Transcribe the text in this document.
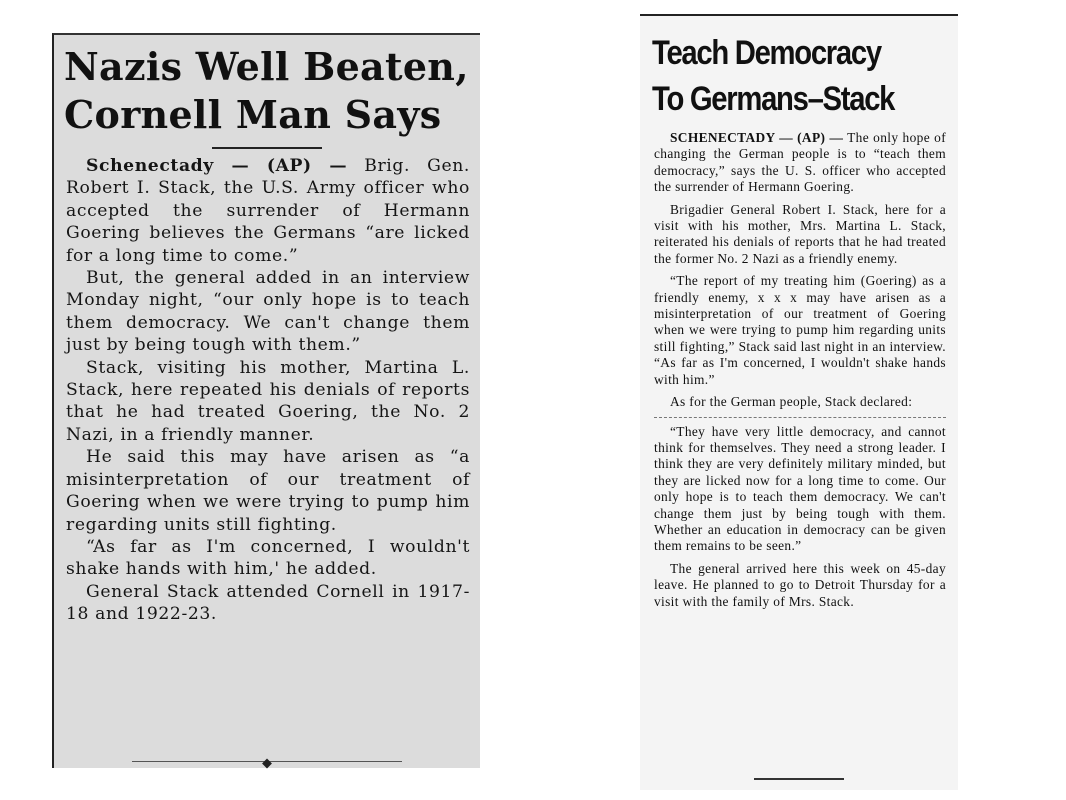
Nazis Well Beaten,
Cornell Man Says

Schenectady — (AP) — Brig. Gen. Robert I. Stack, the U.S. Army officer who accepted the surrender of Hermann Goering believes the Germans “are licked for a long time to come.”

But, the general added in an interview Monday night, “our only hope is to teach them democracy. We can't change them just by being tough with them.”

Stack, visiting his mother, Martina L. Stack, here repeated his denials of reports that he had treated Goering, the No. 2 Nazi, in a friendly manner.

He said this may have arisen as “a misinterpretation of our treatment of Goering when we were trying to pump him regarding units still fighting.

“As far as I'm concerned, I wouldn't shake hands with him,' he added.

General Stack attended Cornell in 1917-18 and 1922-23.

Teach Democracy
To Germans–Stack

SCHENECTADY — (AP) — The only hope of changing the German people is to “teach them democracy,” says the U. S. officer who accepted the surrender of Hermann Goering.

Brigadier General Robert I. Stack, here for a visit with his mother, Mrs. Martina L. Stack, reiterated his denials of reports that he had treated the former No. 2 Nazi as a friendly enemy.

“The report of my treating him (Goering) as a friendly enemy, x x x may have arisen as a misinterpretation of our treatment of Goering when we were trying to pump him regarding units still fighting,” Stack said last night in an interview. “As far as I'm concerned, I wouldn't shake hands with him.”

As for the German people, Stack declared:

“They have very little democracy, and cannot think for themselves. They need a strong leader. I think they are very definitely military minded, but they are licked now for a long time to come. Our only hope is to teach them democracy. We can't change them just by being tough with them. Whether an education in democracy can be given them remains to be seen.”

The general arrived here this week on 45-day leave. He planned to go to Detroit Thursday for a visit with the family of Mrs. Stack.
